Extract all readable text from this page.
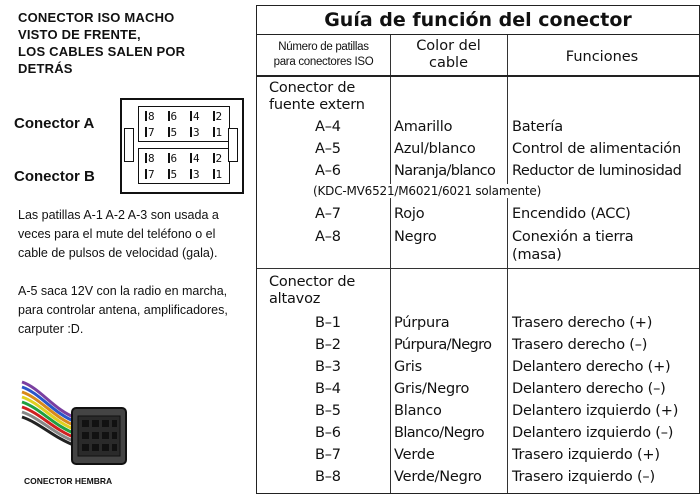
CONECTOR ISO MACHO
VISTO DE FRENTE,
LOS CABLES SALEN POR
DETRÁS
8	6	4	2
7	5	3	1
8	6	4	2
7	5	3	1
Conector A
Conector B

Las patillas A-1 A-2 A-3 son usada a veces para el mute del teléfono o el cable de pulsos de velocidad (gala).

A-5 saca 12V con la radio en marcha, para controlar antena, amplificadores, carputer :D.

CONECTOR HEMBRA
Guía de función del conector
Número de patillas
para conectores ISO
Color del
cable	Funciones
Conector de
fuente extern
A–4	Amarillo	Batería
A–5	Azul/blanco	Control de alimentación
A–6	Naranja/blanco Reductor de luminosidad
(KDC-MV6521/M6021/6021 solamente)
A–7	Rojo	Encendido (ACC)
A–8	Negro	Conexión a tierra
(masa)
Conector de
altavoz
B–1	Púrpura	Trasero derecho (+)
B–2	Púrpura/Negro Trasero derecho (–)
B–3	Gris	Delantero derecho (+)
B–4	Gris/Negro	Delantero derecho (–)
B–5	Blanco	Delantero izquierdo (+)
B–6	Blanco/Negro Delantero izquierdo (–)
B–7	Verde	Trasero izquierdo (+)
B–8	Verde/Negro Trasero izquierdo (–)
